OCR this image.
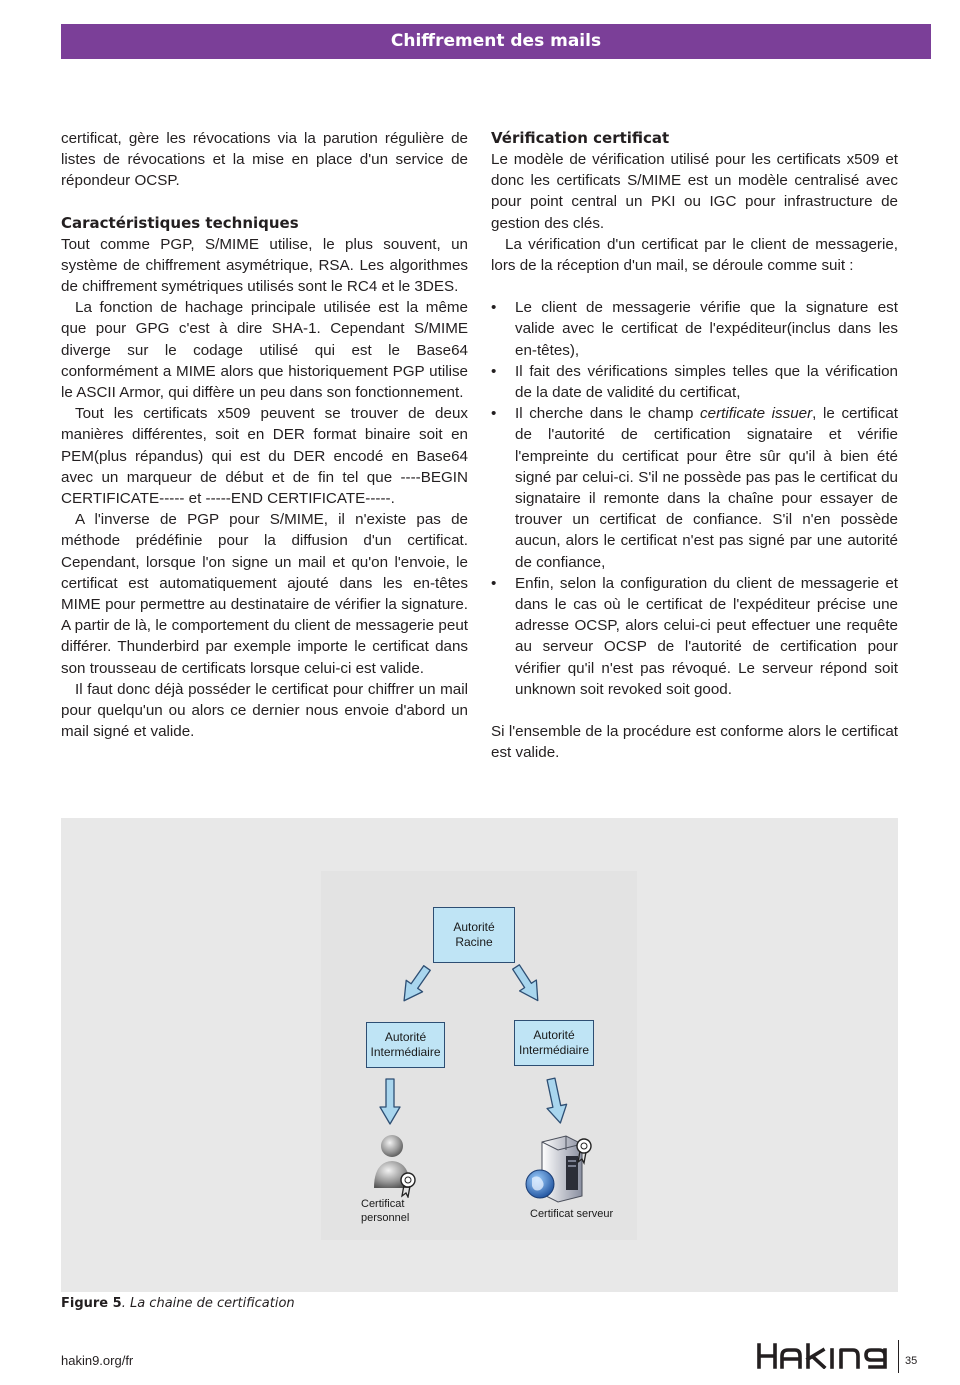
Chiffrement des mails

certificat, gère les révocations via la parution régulière de listes de révocations et la mise en place d'un service de répondeur OCSP.

Caractéristiques techniques

Tout comme PGP, S/MIME utilise, le plus souvent, un système de chiffrement asymétrique, RSA. Les algorithmes de chiffrement symétriques utilisés sont le RC4 et le 3DES.

La fonction de hachage principale utilisée est la même que pour GPG c'est à dire SHA-1. Cependant S/MIME diverge sur le codage utilisé qui est le Base64 conformément a MIME alors que historiquement PGP utilise le ASCII Armor, qui diffère un peu dans son fonctionnement.

Tout les certificats x509 peuvent se trouver de deux manières différentes, soit en DER format binaire soit en PEM(plus répandus) qui est du DER encodé en Base64 avec un marqueur de début et de fin tel que ----BEGIN CERTIFICATE----- et -----END CERTIFICATE-----.

A l'inverse de PGP pour S/MIME, il n'existe pas de méthode prédéfinie pour la diffusion d'un certificat. Cependant, lorsque l'on signe un mail et qu'on l'envoie, le certificat est automatiquement ajouté dans les en-têtes MIME pour permettre au destinataire de vérifier la signature. A partir de là, le comportement du client de messagerie peut différer. Thunderbird par exemple importe le certificat dans son trousseau de certificats lorsque celui-ci est valide.

Il faut donc déjà posséder le certificat pour chiffrer un mail pour quelqu'un ou alors ce dernier nous envoie d'abord un mail signé et valide.

Vérification certificat

Le modèle de vérification utilisé pour les certificats x509 et donc les certificats S/MIME est un modèle centralisé avec pour point central un PKI ou IGC pour infrastructure de gestion des clés.

La vérification d'un certificat par le client de messagerie, lors de la réception d'un mail, se déroule comme suit :

• Le client de messagerie vérifie que la signature est valide avec le certificat de l'expéditeur(inclus dans les en-têtes),
• Il fait des vérifications simples telles que la vérification de la date de validité du certificat,
• Il cherche dans le champ certificate issuer, le certificat de l'autorité de certification signataire et vérifie l'empreinte du certificat pour être sûr qu'il à bien été signé par celui-ci. S'il ne possède pas pas le certificat du signataire il remonte dans la chaîne pour essayer de trouver un certificat de confiance. S'il n'en possède aucun, alors le certificat n'est pas signé par une autorité de confiance,
• Enfin, selon la configuration du client de messagerie et dans le cas où le certificat de l'expéditeur précise une adresse OCSP, alors celui-ci peut effectuer une requête au serveur OCSP de l'autorité de certification pour vérifier qu'il n'est pas révoqué. Le serveur répond soit unknown soit revoked soit good.

Si l'ensemble de la procédure est conforme alors le certificat est valide.

Autorité
Racine
Autorité
Intermédiaire
Autorité
Intermédiaire
Certificat
personnel	Certificat serveur
Figure 5. La chaine de certification
hakin9.org/fr	35
